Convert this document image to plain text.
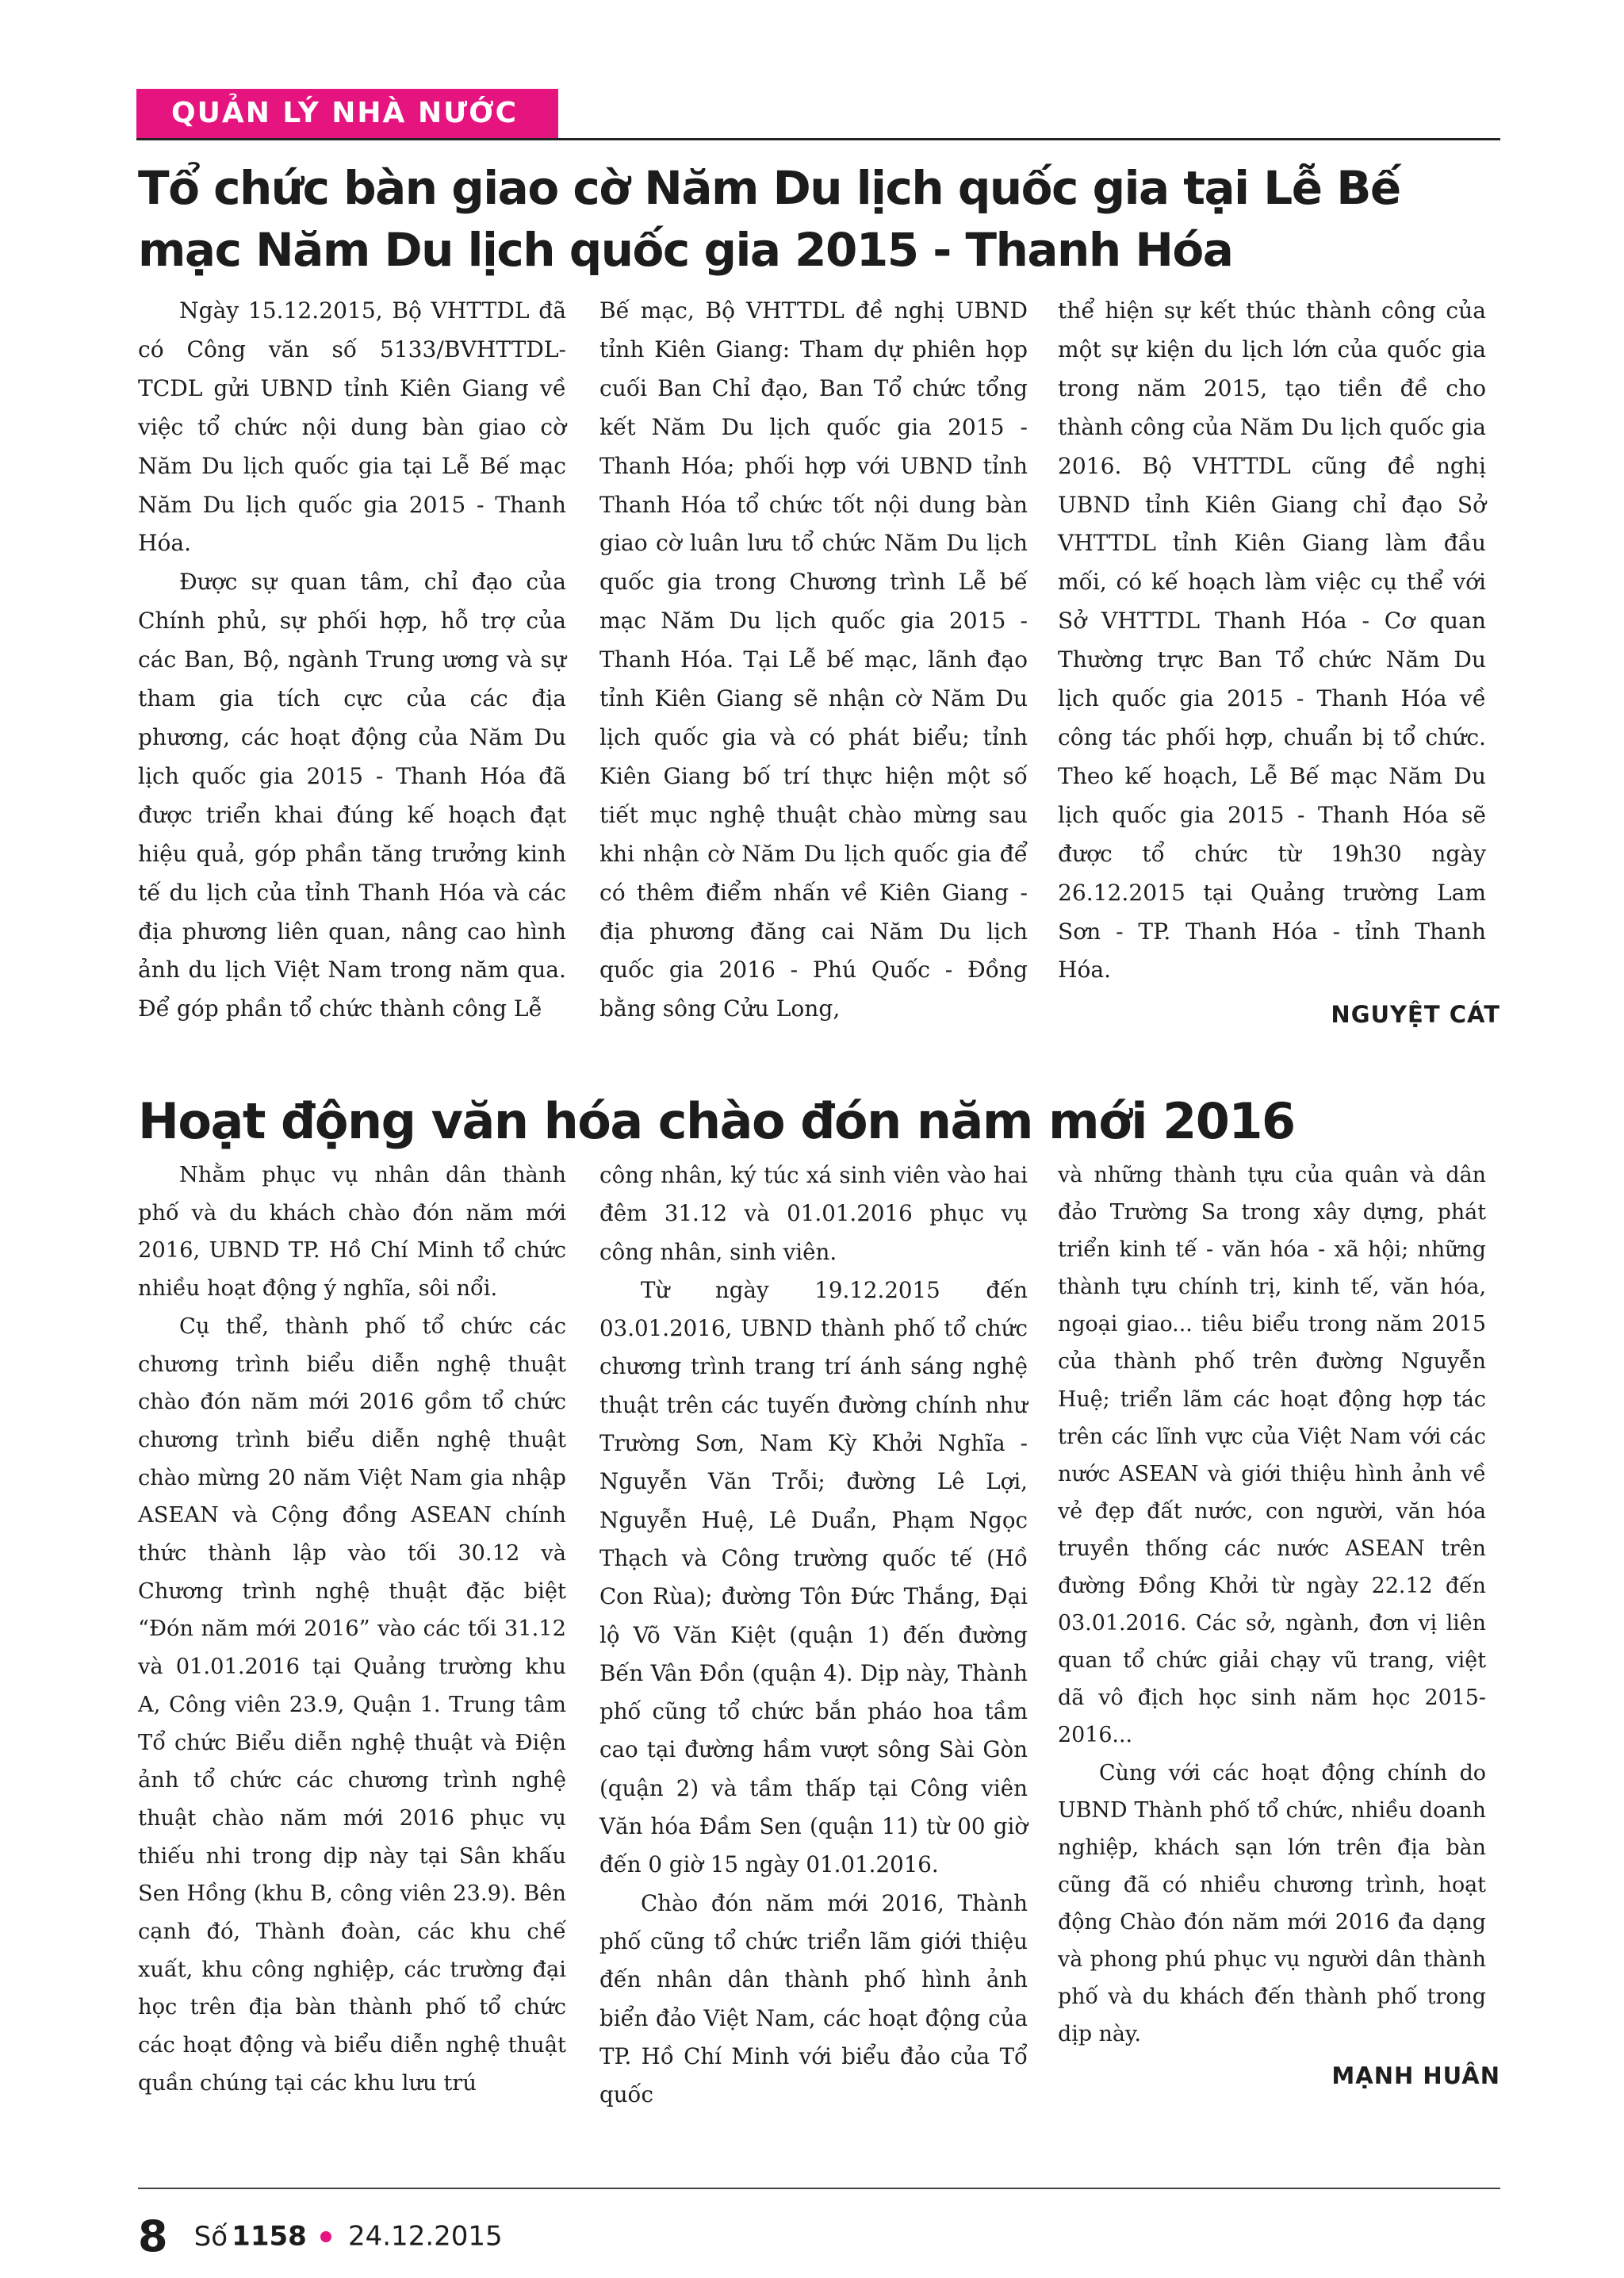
QUẢN LÝ NHÀ NƯỚC
Tổ chức bàn giao cờ Năm Du lịch quốc gia tại Lễ Bế mạc Năm Du lịch quốc gia 2015 - Thanh Hóa

Ngày 15.12.2015, Bộ VHTTDL đã có Công văn số 5133/BVHTTDL-TCDL gửi UBND tỉnh Kiên Giang về việc tổ chức nội dung bàn giao cờ Năm Du lịch quốc gia tại Lễ Bế mạc Năm Du lịch quốc gia 2015 - Thanh Hóa.

Được sự quan tâm, chỉ đạo của Chính phủ, sự phối hợp, hỗ trợ của các Ban, Bộ, ngành Trung ương và sự tham gia tích cực của các địa phương, các hoạt động của Năm Du lịch quốc gia 2015 - Thanh Hóa đã được triển khai đúng kế hoạch đạt hiệu quả, góp phần tăng trưởng kinh tế du lịch của tỉnh Thanh Hóa và các địa phương liên quan, nâng cao hình ảnh du lịch Việt Nam trong năm qua. Để góp phần tổ chức thành công Lễ

Bế mạc, Bộ VHTTDL đề nghị UBND tỉnh Kiên Giang: Tham dự phiên họp cuối Ban Chỉ đạo, Ban Tổ chức tổng kết Năm Du lịch quốc gia 2015 - Thanh Hóa; phối hợp với UBND tỉnh Thanh Hóa tổ chức tốt nội dung bàn giao cờ luân lưu tổ chức Năm Du lịch quốc gia trong Chương trình Lễ bế mạc Năm Du lịch quốc gia 2015 - Thanh Hóa. Tại Lễ bế mạc, lãnh đạo tỉnh Kiên Giang sẽ nhận cờ Năm Du lịch quốc gia và có phát biểu; tỉnh Kiên Giang bố trí thực hiện một số tiết mục nghệ thuật chào mừng sau khi nhận cờ Năm Du lịch quốc gia để có thêm điểm nhấn về Kiên Giang - địa phương đăng cai Năm Du lịch quốc gia 2016 - Phú Quốc - Đồng bằng sông Cửu Long,

thể hiện sự kết thúc thành công của một sự kiện du lịch lớn của quốc gia trong năm 2015, tạo tiền đề cho thành công của Năm Du lịch quốc gia 2016. Bộ VHTTDL cũng đề nghị UBND tỉnh Kiên Giang chỉ đạo Sở VHTTDL tỉnh Kiên Giang làm đầu mối, có kế hoạch làm việc cụ thể với Sở VHTTDL Thanh Hóa - Cơ quan Thường trực Ban Tổ chức Năm Du lịch quốc gia 2015 - Thanh Hóa về công tác phối hợp, chuẩn bị tổ chức. Theo kế hoạch, Lễ Bế mạc Năm Du lịch quốc gia 2015 - Thanh Hóa sẽ được tổ chức từ 19h30 ngày 26.12.2015 tại Quảng trường Lam Sơn - TP. Thanh Hóa - tỉnh Thanh Hóa.

NGUYỆT CÁT
Hoạt động văn hóa chào đón năm mới 2016

Nhằm phục vụ nhân dân thành phố và du khách chào đón năm mới 2016, UBND TP. Hồ Chí Minh tổ chức nhiều hoạt động ý nghĩa, sôi nổi.

Cụ thể, thành phố tổ chức các chương trình biểu diễn nghệ thuật chào đón năm mới 2016 gồm tổ chức chương trình biểu diễn nghệ thuật chào mừng 20 năm Việt Nam gia nhập ASEAN và Cộng đồng ASEAN chính thức thành lập vào tối 30.12 và Chương trình nghệ thuật đặc biệt “Đón năm mới 2016” vào các tối 31.12 và 01.01.2016 tại Quảng trường khu A, Công viên 23.9, Quận 1. Trung tâm Tổ chức Biểu diễn nghệ thuật và Điện ảnh tổ chức các chương trình nghệ thuật chào năm mới 2016 phục vụ thiếu nhi trong dịp này tại Sân khấu Sen Hồng (khu B, công viên 23.9). Bên cạnh đó, Thành đoàn, các khu chế xuất, khu công nghiệp, các trường đại học trên địa bàn thành phố tổ chức các hoạt động và biểu diễn nghệ thuật quần chúng tại các khu lưu trú

công nhân, ký túc xá sinh viên vào hai đêm 31.12 và 01.01.2016 phục vụ công nhân, sinh viên.

Từ ngày 19.12.2015 đến 03.01.2016, UBND thành phố tổ chức chương trình trang trí ánh sáng nghệ thuật trên các tuyến đường chính như Trường Sơn, Nam Kỳ Khởi Nghĩa - Nguyễn Văn Trỗi; đường Lê Lợi, Nguyễn Huệ, Lê Duẩn, Phạm Ngọc Thạch và Công trường quốc tế (Hồ Con Rùa); đường Tôn Đức Thắng, Đại lộ Võ Văn Kiệt (quận 1) đến đường Bến Vân Đồn (quận 4). Dịp này, Thành phố cũng tổ chức bắn pháo hoa tầm cao tại đường hầm vượt sông Sài Gòn (quận 2) và tầm thấp tại Công viên Văn hóa Đầm Sen (quận 11) từ 00 giờ đến 0 giờ 15 ngày 01.01.2016.

Chào đón năm mới 2016, Thành phố cũng tổ chức triển lãm giới thiệu đến nhân dân thành phố hình ảnh biển đảo Việt Nam, các hoạt động của TP. Hồ Chí Minh với biểu đảo của Tổ quốc

và những thành tựu của quân và dân đảo Trường Sa trong xây dựng, phát triển kinh tế - văn hóa - xã hội; những thành tựu chính trị, kinh tế, văn hóa, ngoại giao... tiêu biểu trong năm 2015 của thành phố trên đường Nguyễn Huệ; triển lãm các hoạt động hợp tác trên các lĩnh vực của Việt Nam với các nước ASEAN và giới thiệu hình ảnh về vẻ đẹp đất nước, con người, văn hóa truyền thống các nước ASEAN trên đường Đồng Khởi từ ngày 22.12 đến 03.01.2016. Các sở, ngành, đơn vị liên quan tổ chức giải chạy vũ trang, việt dã vô địch học sinh năm học 2015-2016...

Cùng với các hoạt động chính do UBND Thành phố tổ chức, nhiều doanh nghiệp, khách sạn lớn trên địa bàn cũng đã có nhiều chương trình, hoạt động Chào đón năm mới 2016 đa dạng và phong phú phục vụ người dân thành phố và du khách đến thành phố trong dịp này.

MẠNH HUÂN
8 Số 1158 24.12.2015
